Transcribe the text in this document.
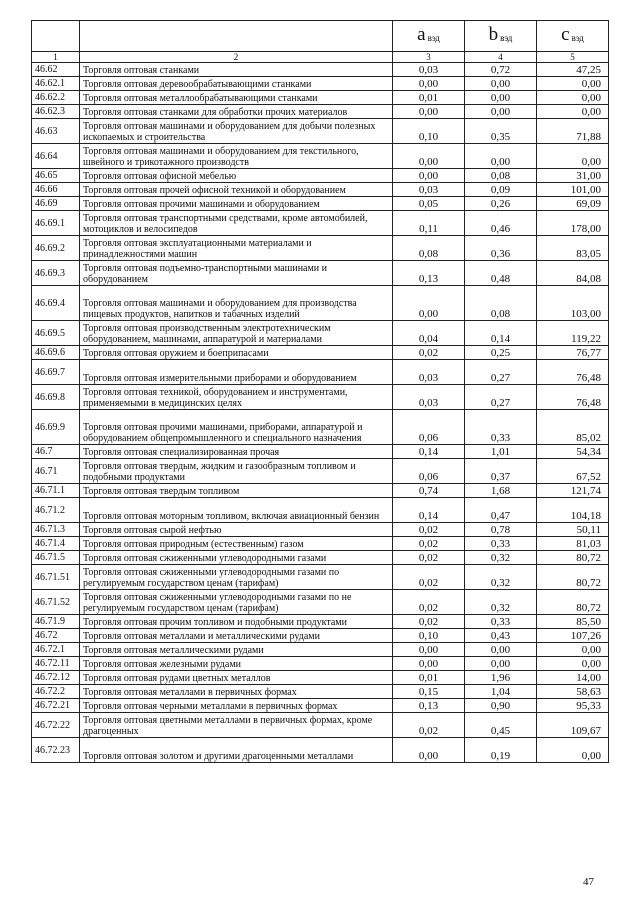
		a $_{вэд}$	b $_{вэд}$	c $_{вэд}$
1	2	3	4	5
46.62	Торговля оптовая станками	0,03	0,72	47,25
46.62.1	Торговля оптовая деревообрабатывающими станками	0,00	0,00	0,00
46.62.2	Торговля оптовая металлообрабатывающими станками	0,01	0,00	0,00
46.62.3	Торговля оптовая станками для обработки прочих материалов	0,00	0,00	0,00
46.63	Торговля оптовая машинами и оборудованием для добычи полезных ископаемых и строительства	0,10	0,35	71,88
46.64	Торговля оптовая машинами и оборудованием для текстильного, швейного и трикотажного производств	0,00	0,00	0,00
46.65	Торговля оптовая офисной мебелью	0,00	0,08	31,00
46.66	Торговля оптовая прочей офисной техникой и оборудованием	0,03	0,09	101,00
46.69	Торговля оптовая прочими машинами и оборудованием	0,05	0,26	69,09
46.69.1	Торговля оптовая транспортными средствами, кроме автомобилей, мотоциклов и велосипедов	0,11	0,46	178,00
46.69.2	Торговля оптовая эксплуатационными материалами и принадлежностями машин	0,08	0,36	83,05
46.69.3	Торговля оптовая подъемно-транспортными машинами и оборудованием	0,13	0,48	84,08
46.69.4	Торговля оптовая машинами и оборудованием для производства пищевых продуктов, напитков и табачных изделий	0,00	0,08	103,00
46.69.5	Торговля оптовая производственным электротехническим оборудованием, машинами, аппаратурой и материалами	0,04	0,14	119,22
46.69.6	Торговля оптовая оружием и боеприпасами	0,02	0,25	76,77
46.69.7	Торговля оптовая измерительными приборами и оборудованием	0,03	0,27	76,48
46.69.8	Торговля оптовая техникой, оборудованием и инструментами, применяемыми в медицинских целях	0,03	0,27	76,48
46.69.9	Торговля оптовая прочими машинами, приборами, аппаратурой и оборудованием общепромышленного и специального назначения	0,06	0,33	85,02
46.7	Торговля оптовая специализированная прочая	0,14	1,01	54,34
46.71	Торговля оптовая твердым, жидким и газообразным топливом и подобными продуктами	0,06	0,37	67,52
46.71.1	Торговля оптовая твердым топливом	0,74	1,68	121,74
46.71.2	Торговля оптовая моторным топливом, включая авиационный бензин	0,14	0,47	104,18
46.71.3	Торговля оптовая сырой нефтью	0,02	0,78	50,11
46.71.4	Торговля оптовая природным (естественным) газом	0,02	0,33	81,03
46.71.5	Торговля оптовая сжиженными углеводородными газами	0,02	0,32	80,72
46.71.51	Торговля оптовая сжиженными углеводородными газами по регулируемым государством ценам (тарифам)	0,02	0,32	80,72
46.71.52	Торговля оптовая сжиженными углеводородными газами по не регулируемым государством ценам (тарифам)	0,02	0,32	80,72
46.71.9	Торговля оптовая прочим топливом и подобными продуктами	0,02	0,33	85,50
46.72	Торговля оптовая металлами и металлическими рудами	0,10	0,43	107,26
46.72.1	Торговля оптовая металлическими рудами	0,00	0,00	0,00
46.72.11	Торговля оптовая железными рудами	0,00	0,00	0,00
46.72.12	Торговля оптовая рудами цветных металлов	0,01	1,96	14,00
46.72.2	Торговля оптовая металлами в первичных формах	0,15	1,04	58,63
46.72.21	Торговля оптовая черными металлами в первичных формах	0,13	0,90	95,33
46.72.22	Торговля оптовая цветными металлами в первичных формах, кроме драгоценных	0,02	0,45	109,67
46.72.23	Торговля оптовая золотом и другими драгоценными металлами	0,00	0,19	0,00
47
